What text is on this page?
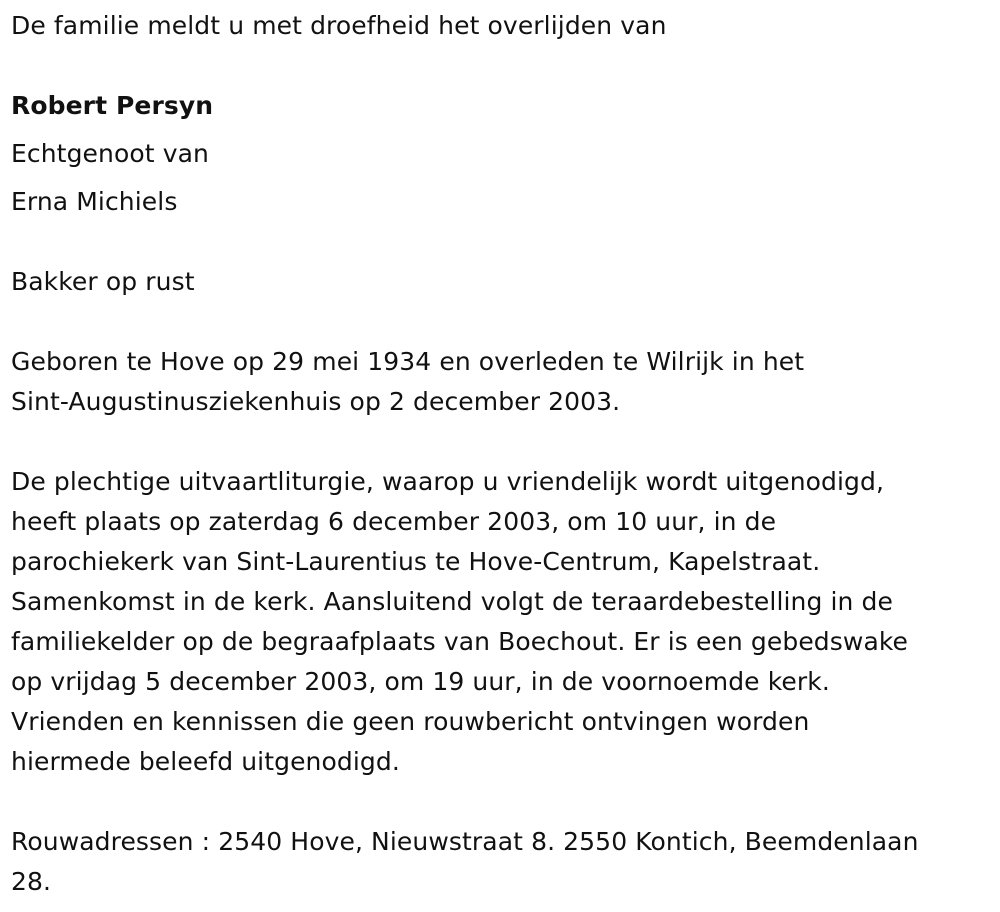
De familie meldt u met droefheid het overlijden van
Robert Persyn
Echtgenoot van
Erna Michiels
Bakker op rust
Geboren te Hove op 29 mei 1934 en overleden te Wilrijk in het
Sint-Augustinusziekenhuis op 2 december 2003.
De plechtige uitvaartliturgie, waarop u vriendelijk wordt uitgenodigd,
heeft plaats op zaterdag 6 december 2003, om 10 uur, in de
parochiekerk van Sint-Laurentius te Hove-Centrum, Kapelstraat.
Samenkomst in de kerk. Aansluitend volgt de teraardebestelling in de
familiekelder op de begraafplaats van Boechout. Er is een gebedswake
op vrijdag 5 december 2003, om 19 uur, in de voornoemde kerk.
Vrienden en kennissen die geen rouwbericht ontvingen worden
hiermede beleefd uitgenodigd.
Rouwadressen : 2540 Hove, Nieuwstraat 8. 2550 Kontich, Beemdenlaan
28.
